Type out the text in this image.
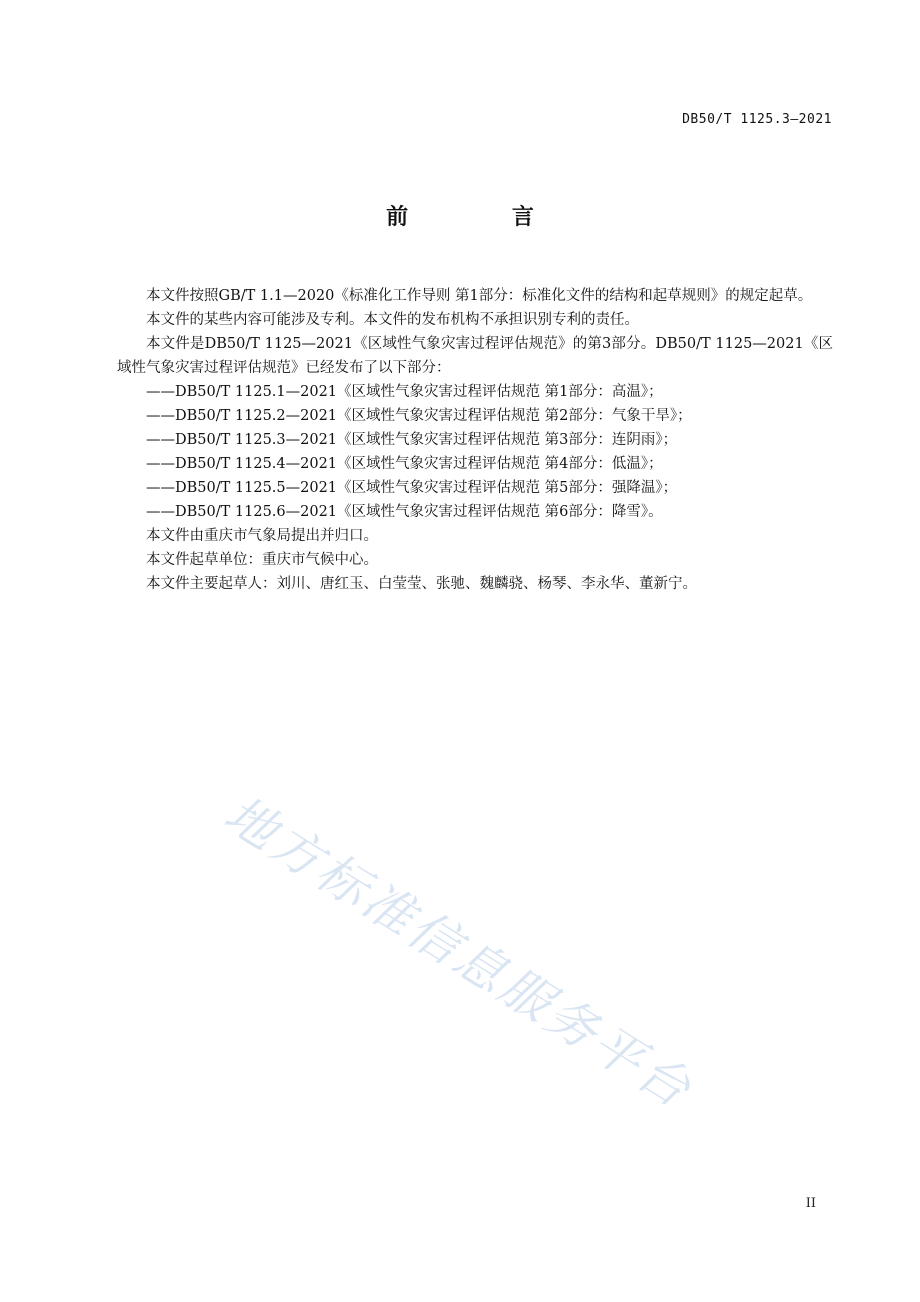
DB50/T 1125.3—2021
前 言

本文件按照GB/T 1.1—2020《标准化工作导则 第1部分：标准化文件的结构和起草规则》的规定起草。

本文件的某些内容可能涉及专利。本文件的发布机构不承担识别专利的责任。

本文件是DB50/T 1125—2021《区域性气象灾害过程评估规范》的第3部分。DB50/T 1125—2021《区域性气象灾害过程评估规范》已经发布了以下部分：

——DB50/T 1125.1—2021《区域性气象灾害过程评估规范 第1部分：高温》；

——DB50/T 1125.2—2021《区域性气象灾害过程评估规范 第2部分：气象干旱》；

——DB50/T 1125.3—2021《区域性气象灾害过程评估规范 第3部分：连阴雨》；

——DB50/T 1125.4—2021《区域性气象灾害过程评估规范 第4部分：低温》；

——DB50/T 1125.5—2021《区域性气象灾害过程评估规范 第5部分：强降温》；

——DB50/T 1125.6—2021《区域性气象灾害过程评估规范 第6部分：降雪》。

本文件由重庆市气象局提出并归口。

本文件起草单位：重庆市气候中心。

本文件主要起草人：刘川、唐红玉、白莹莹、张驰、魏麟骁、杨琴、李永华、董新宁。

地方标准信息服务平台
II
